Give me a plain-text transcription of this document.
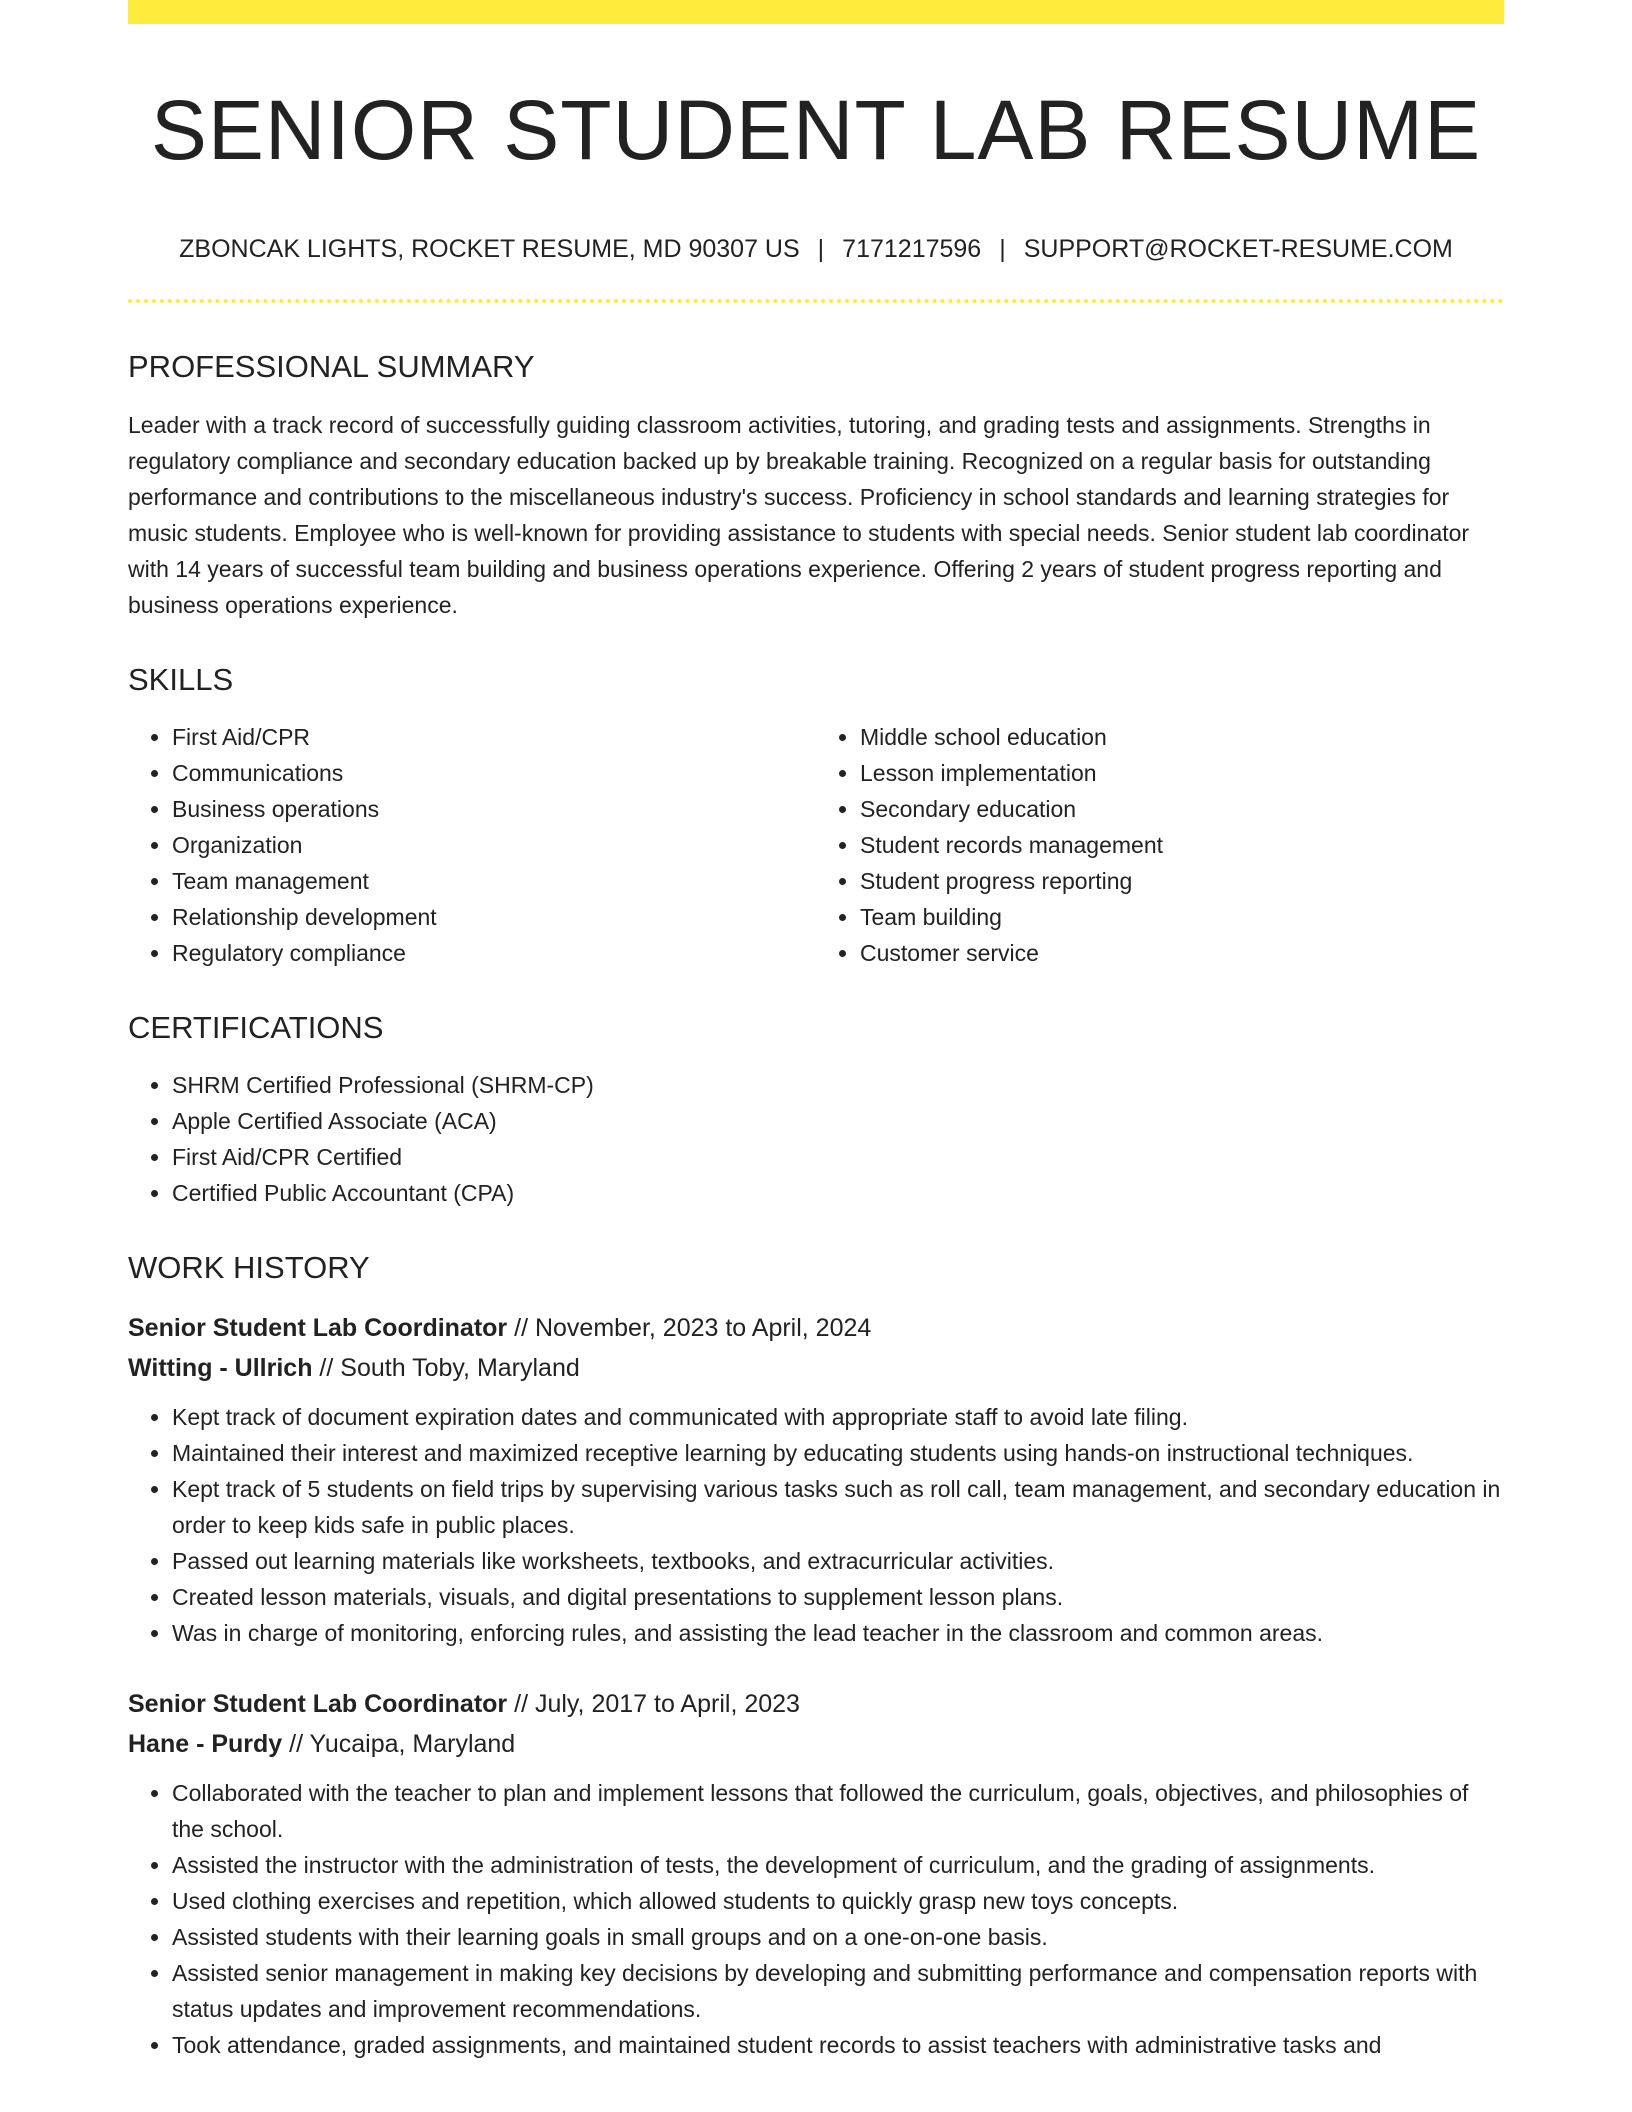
SENIOR STUDENT LAB RESUME
ZBONCAK LIGHTS, ROCKET RESUME, MD 90307 US | 7171217596 | SUPPORT@ROCKET-RESUME.COM
PROFESSIONAL SUMMARY
Leader with a track record of successfully guiding classroom activities, tutoring, and grading tests and assignments. Strengths in regulatory compliance and secondary education backed up by breakable training. Recognized on a regular basis for outstanding performance and contributions to the miscellaneous industry's success. Proficiency in school standards and learning strategies for music students. Employee who is well-known for providing assistance to students with special needs. Senior student lab coordinator with 14 years of successful team building and business operations experience. Offering 2 years of student progress reporting and business operations experience.
SKILLS
• First Aid/CPR
• Communications
• Business operations
• Organization
• Team management
• Relationship development
• Regulatory compliance
• Middle school education
• Lesson implementation
• Secondary education
• Student records management
• Student progress reporting
• Team building
• Customer service
CERTIFICATIONS
• SHRM Certified Professional (SHRM-CP)
• Apple Certified Associate (ACA)
• First Aid/CPR Certified
• Certified Public Accountant (CPA)
WORK HISTORY
Senior Student Lab Coordinator // November, 2023 to April, 2024
Witting - Ullrich // South Toby, Maryland
• Kept track of document expiration dates and communicated with appropriate staff to avoid late filing.
• Maintained their interest and maximized receptive learning by educating students using hands-on instructional techniques.
• Kept track of 5 students on field trips by supervising various tasks such as roll call, team management, and secondary education in order to keep kids safe in public places.
• Passed out learning materials like worksheets, textbooks, and extracurricular activities.
• Created lesson materials, visuals, and digital presentations to supplement lesson plans.
• Was in charge of monitoring, enforcing rules, and assisting the lead teacher in the classroom and common areas.
Senior Student Lab Coordinator // July, 2017 to April, 2023
Hane - Purdy // Yucaipa, Maryland
• Collaborated with the teacher to plan and implement lessons that followed the curriculum, goals, objectives, and philosophies of the school.
• Assisted the instructor with the administration of tests, the development of curriculum, and the grading of assignments.
• Used clothing exercises and repetition, which allowed students to quickly grasp new toys concepts.
• Assisted students with their learning goals in small groups and on a one-on-one basis.
• Assisted senior management in making key decisions by developing and submitting performance and compensation reports with status updates and improvement recommendations.
• Took attendance, graded assignments, and maintained student records to assist teachers with administrative tasks and
